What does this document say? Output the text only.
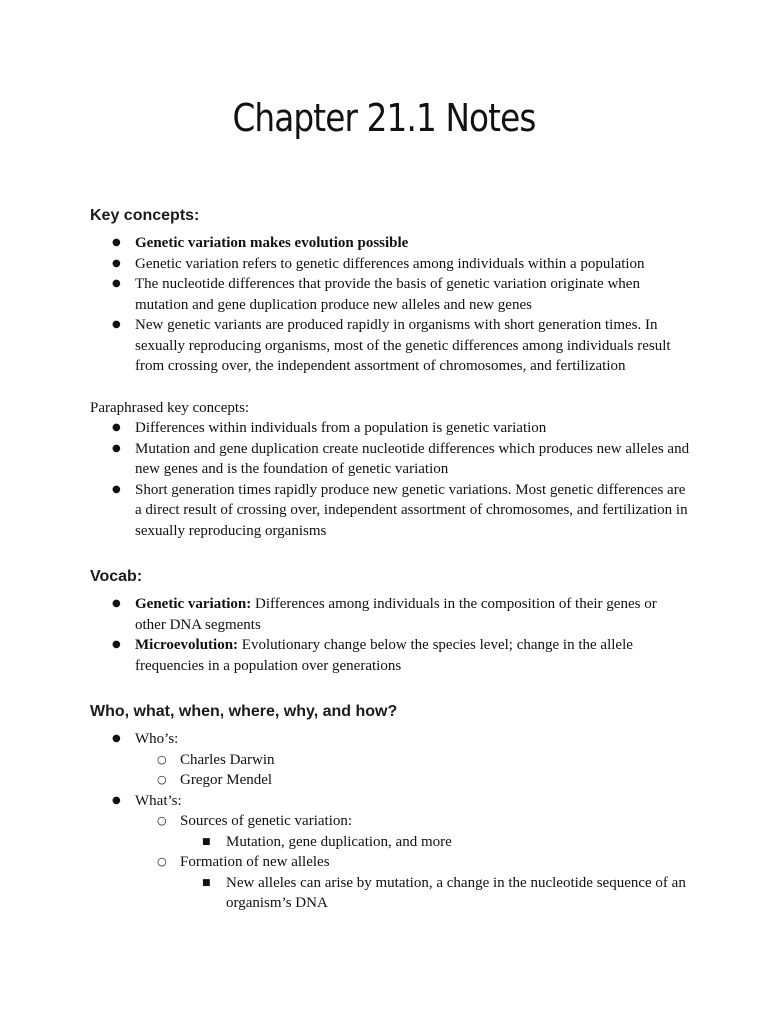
Chapter 21.1 Notes
Key concepts:
● Genetic variation makes evolution possible
● Genetic variation refers to genetic differences among individuals within a population
● The nucleotide differences that provide the basis of genetic variation originate when mutation and gene duplication produce new alleles and new genes
● New genetic variants are produced rapidly in organisms with short generation times. In sexually reproducing organisms, most of the genetic differences among individuals result from crossing over, the independent assortment of chromosomes, and fertilization
Paraphrased key concepts:
● Differences within individuals from a population is genetic variation
● Mutation and gene duplication create nucleotide differences which produces new alleles and new genes and is the foundation of genetic variation
● Short generation times rapidly produce new genetic variations. Most genetic differences are a direct result of crossing over, independent assortment of chromosomes, and fertilization in sexually reproducing organisms
Vocab:
● Genetic variation: Differences among individuals in the composition of their genes or other DNA segments
● Microevolution: Evolutionary change below the species level; change in the allele frequencies in a population over generations
Who, what, when, where, why, and how?
● Who’s:
○ Charles Darwin
○ Gregor Mendel
● What’s:
○ Sources of genetic variation:
■ Mutation, gene duplication, and more
○ Formation of new alleles
■ New alleles can arise by mutation, a change in the nucleotide sequence of an organism’s DNA
